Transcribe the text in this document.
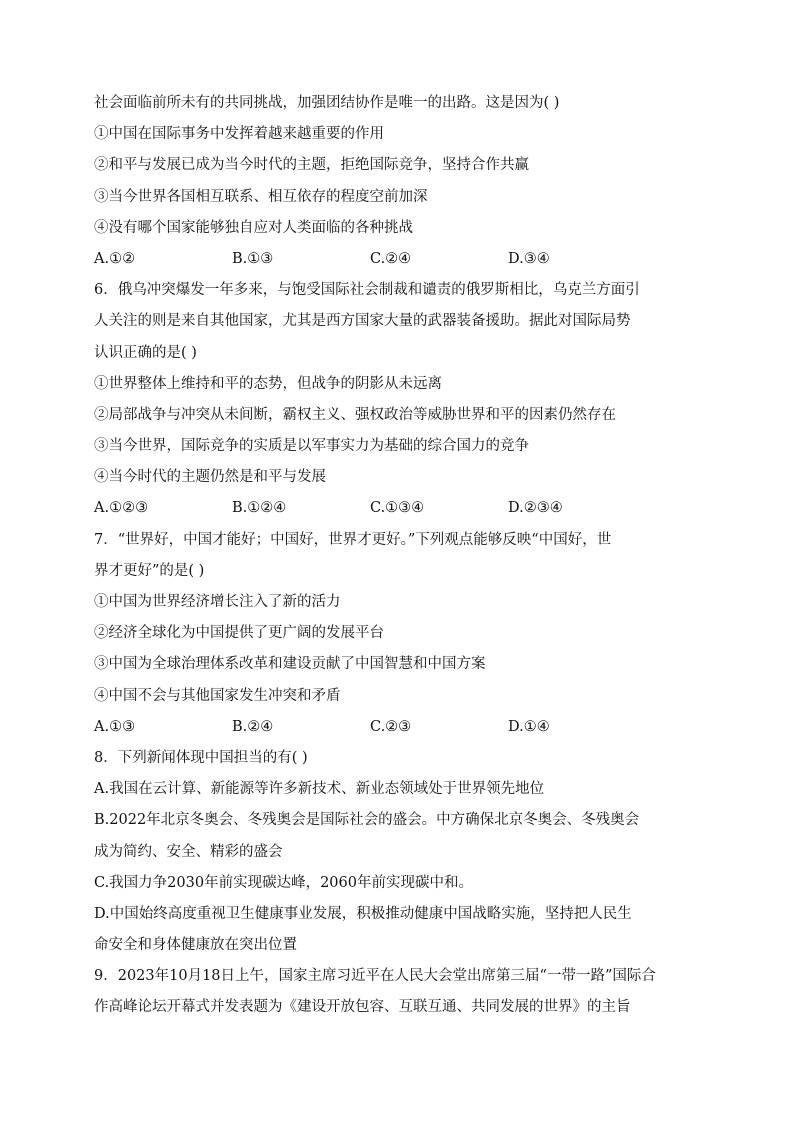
社会面临前所未有的共同挑战，加强团结协作是唯一的出路。这是因为( )
①中国在国际事务中发挥着越来越重要的作用
②和平与发展已成为当今时代的主题，拒绝国际竞争，坚持合作共赢
③当今世界各国相互联系、相互依存的程度空前加深
④没有哪个国家能够独自应对人类面临的各种挑战
A.①②	B.①③	C.②④	D.③④
6．俄乌冲突爆发一年多来，与饱受国际社会制裁和谴责的俄罗斯相比，乌克兰方面引
人关注的则是来自其他国家，尤其是西方国家大量的武器装备援助。据此对国际局势
认识正确的是( )
①世界整体上维持和平的态势，但战争的阴影从未远离
②局部战争与冲突从未间断，霸权主义、强权政治等威胁世界和平的因素仍然存在
③当今世界，国际竞争的实质是以军事实力为基础的综合国力的竞争
④当今时代的主题仍然是和平与发展
A.①②③	B.①②④	C.①③④	D.②③④
7．“世界好，中国才能好；中国好，世界才更好。”下列观点能够反映“中国好，世
界才更好”的是( )
①中国为世界经济增长注入了新的活力
②经济全球化为中国提供了更广阔的发展平台
③中国为全球治理体系改革和建设贡献了中国智慧和中国方案
④中国不会与其他国家发生冲突和矛盾
A.①③	B.②④	C.②③	D.①④
8．下列新闻体现中国担当的有( )
A.我国在云计算、新能源等许多新技术、新业态领域处于世界领先地位
B.2022年北京冬奥会、冬残奥会是国际社会的盛会。中方确保北京冬奥会、冬残奥会
成为简约、安全、精彩的盛会
C.我国力争2030年前实现碳达峰，2060年前实现碳中和。
D.中国始终高度重视卫生健康事业发展，积极推动健康中国战略实施，坚持把人民生
命安全和身体健康放在突出位置
9．2023年10月18日上午，国家主席习近平在人民大会堂出席第三届“一带一路”国际合
作高峰论坛开幕式并发表题为《建设开放包容、互联互通、共同发展的世界》的主旨
